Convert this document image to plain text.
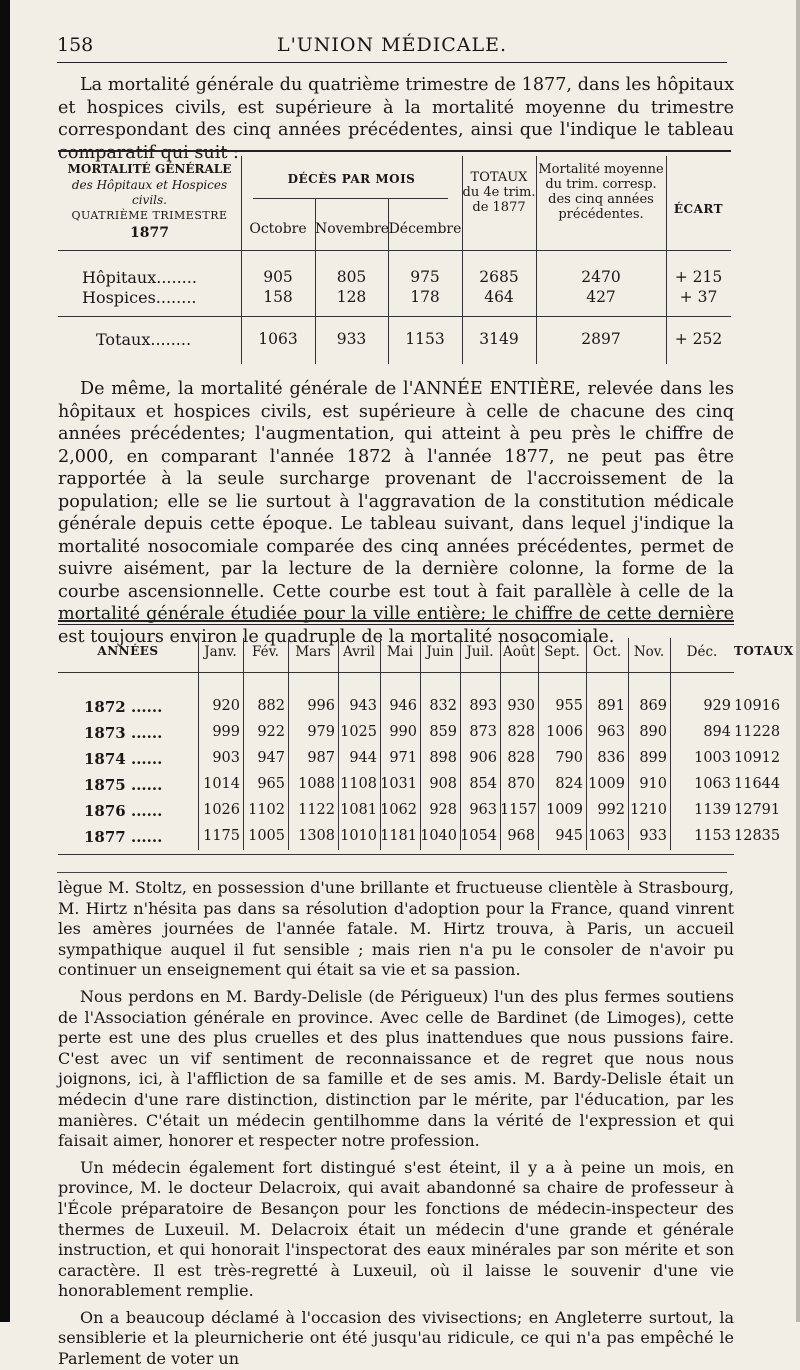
158	L'UNION MÉDICALE.

La mortalité générale du quatrième trimestre de 1877, dans les hôpitaux et hospices civils, est supérieure à la mortalité moyenne du trimestre correspondant des cinq années précédentes, ainsi que l'indique le tableau comparatif qui suit :

MORTALITÉ GÉNÉRALE
des Hôpitaux et Hospices civils.
QUATRIÈME TRIMESTRE
1877
DÉCÈS PAR MOIS
Octobre Novembre Décembre
TOTAUX du 4e trim. de 1877
Mortalité moyenne du trim. corresp. des cinq années précédentes.	ÉCART
Hôpitaux........	905	805	975	2685	2470	+ 215
Hospices........	158	128	178	464	427	+ 37
Totaux........	1063	933	1153	3149	2897	+ 252

De même, la mortalité générale de l'ANNÉE ENTIÈRE, relevée dans les hôpitaux et hospices civils, est supérieure à celle de chacune des cinq années précédentes; l'augmentation, qui atteint à peu près le chiffre de 2,000, en comparant l'année 1872 à l'année 1877, ne peut pas être rapportée à la seule surcharge provenant de l'accroissement de la population; elle se lie surtout à l'aggravation de la constitution médicale générale depuis cette époque. Le tableau suivant, dans lequel j'indique la mortalité nosocomiale comparée des cinq années précédentes, permet de suivre aisément, par la lecture de la dernière colonne, la forme de la courbe ascensionnelle. Cette courbe est tout à fait parallèle à celle de la mortalité générale étudiée pour la ville entière; le chiffre de cette dernière est toujours environ le quadruple de la mortalité nosocomiale.

ANNÉES	Janv.	Fév.	Mars Avril Mai Juin Juil. Août Sept. Oct. Nov.	Déc.	TOTAUX
1872 ......	920	882	996 943 946 832 893 930	955 891 869	929 10916
1873 ......	999	922	979 1025 990 859 873 828 1006 963 890	894 11228
1874 ......	903	947	987 944 971 898 906 828	790 836 899	1003 10912
1875 ......	1014	965 1088 1108 1031 908 854 870	824 1009 910	1063 11644
1876 ......	1026 1102 1122 1081 1062 928 963 1157 1009 992 1210	1139 12791
1877 ......	1175 1005 1308 1010 1181 1040 1054 968	945 1063 933	1153 12835

lègue M. Stoltz, en possession d'une brillante et fructueuse clientèle à Strasbourg, M. Hirtz n'hésita pas dans sa résolution d'adoption pour la France, quand vinrent les amères journées de l'année fatale. M. Hirtz trouva, à Paris, un accueil sympathique auquel il fut sensible ; mais rien n'a pu le consoler de n'avoir pu continuer un enseignement qui était sa vie et sa passion.

Nous perdons en M. Bardy-Delisle (de Périgueux) l'un des plus fermes soutiens de l'Association générale en province. Avec celle de Bardinet (de Limoges), cette perte est une des plus cruelles et des plus inattendues que nous pussions faire. C'est avec un vif sentiment de reconnaissance et de regret que nous nous joignons, ici, à l'affliction de sa famille et de ses amis. M. Bardy-Delisle était un médecin d'une rare distinction, distinction par le mérite, par l'éducation, par les manières. C'était un médecin gentilhomme dans la vérité de l'expression et qui faisait aimer, honorer et respecter notre profession.

Un médecin également fort distingué s'est éteint, il y a à peine un mois, en province, M. le docteur Delacroix, qui avait abandonné sa chaire de professeur à l'École préparatoire de Besançon pour les fonctions de médecin-inspecteur des thermes de Luxeuil. M. Delacroix était un médecin d'une grande et générale instruction, et qui honorait l'inspectorat des eaux minérales par son mérite et son caractère. Il est très-regretté à Luxeuil, où il laisse le souvenir d'une vie honorablement remplie.

On a beaucoup déclamé à l'occasion des vivisections; en Angleterre surtout, la sensiblerie et la pleurnicherie ont été jusqu'au ridicule, ce qui n'a pas empêché le Parlement de voter un
